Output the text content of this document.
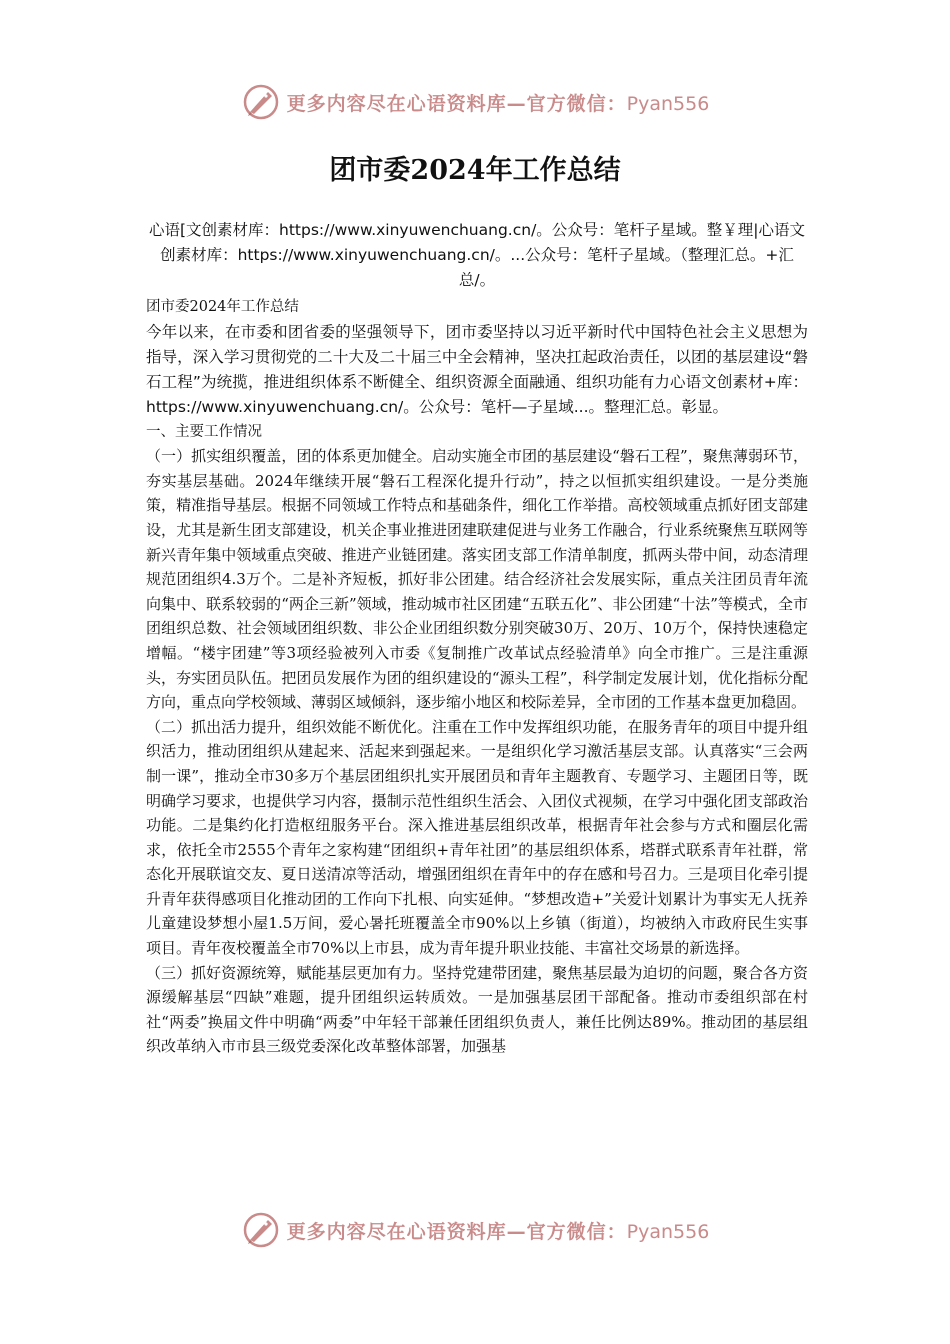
更多内容尽在心语资料库—官方微信：Pyan556
团市委2024年工作总结

心语[文创素材库：https://www.xinyuwenchuang.cn/。公众号：笔杆子星域。整￥理|心语文创素材库：https://www.xinyuwenchuang.cn/。...公众号：笔杆子星域。（整理汇总。+汇总/。

团市委2024年工作总结

今年以来，在市委和团省委的坚强领导下，团市委坚持以习近平新时代中国特色社会主义思想为指导，深入学习贯彻党的二十大及二十届三中全会精神，坚决扛起政治责任，以团的基层建设“磐石工程”为统揽，推进组织体系不断健全、组织资源全面融通、组织功能有力心语文创素材+库：https://www.xinyuwenchuang.cn/。公众号：笔杆—子星域...。整理汇总。彰显。

一、主要工作情况

（一）抓实组织覆盖，团的体系更加健全。启动实施全市团的基层建设“磐石工程”，聚焦薄弱环节，夯实基层基础。2024年继续开展“磐石工程深化提升行动”，持之以恒抓实组织建设。一是分类施策，精准指导基层。根据不同领域工作特点和基础条件，细化工作举措。高校领域重点抓好团支部建设，尤其是新生团支部建设，机关企事业推进团建联建促进与业务工作融合，行业系统聚焦互联网等新兴青年集中领域重点突破、推进产业链团建。落实团支部工作清单制度，抓两头带中间，动态清理规范团组织4.3万个。二是补齐短板，抓好非公团建。结合经济社会发展实际，重点关注团员青年流向集中、联系较弱的“两企三新”领域，推动城市社区团建“五联五化”、非公团建“十法”等模式，全市团组织总数、社会领域团组织数、非公企业团组织数分别突破30万、20万、10万个，保持快速稳定增幅。“楼宇团建”等3项经验被列入市委《复制推广改革试点经验清单》向全市推广。三是注重源头，夯实团员队伍。把团员发展作为团的组织建设的“源头工程”，科学制定发展计划，优化指标分配方向，重点向学校领域、薄弱区域倾斜，逐步缩小地区和校际差异，全市团的工作基本盘更加稳固。

（二）抓出活力提升，组织效能不断优化。注重在工作中发挥组织功能，在服务青年的项目中提升组织活力，推动团组织从建起来、活起来到强起来。一是组织化学习激活基层支部。认真落实“三会两制一课”，推动全市30多万个基层团组织扎实开展团员和青年主题教育、专题学习、主题团日等，既明确学习要求，也提供学习内容，摄制示范性组织生活会、入团仪式视频，在学习中强化团支部政治功能。二是集约化打造枢纽服务平台。深入推进基层组织改革，根据青年社会参与方式和圈层化需求，依托全市2555个青年之家构建“团组织+青年社团”的基层组织体系，塔群式联系青年社群，常态化开展联谊交友、夏日送清凉等活动，增强团组织在青年中的存在感和号召力。三是项目化牵引提升青年获得感项目化推动团的工作向下扎根、向实延伸。“梦想改造+”关爱计划累计为事实无人抚养儿童建设梦想小屋1.5万间，爱心暑托班覆盖全市90%以上乡镇（街道），均被纳入市政府民生实事项目。青年夜校覆盖全市70%以上市县，成为青年提升职业技能、丰富社交场景的新选择。

（三）抓好资源统筹，赋能基层更加有力。坚持党建带团建，聚焦基层最为迫切的问题，聚合各方资源缓解基层“四缺”难题，提升团组织运转质效。一是加强基层团干部配备。推动市委组织部在村社“两委”换届文件中明确“两委”中年轻干部兼任团组织负责人，兼任比例达89%。推动团的基层组织改革纳入市市县三级党委深化改革整体部署，加强基

更多内容尽在心语资料库—官方微信：Pyan556
